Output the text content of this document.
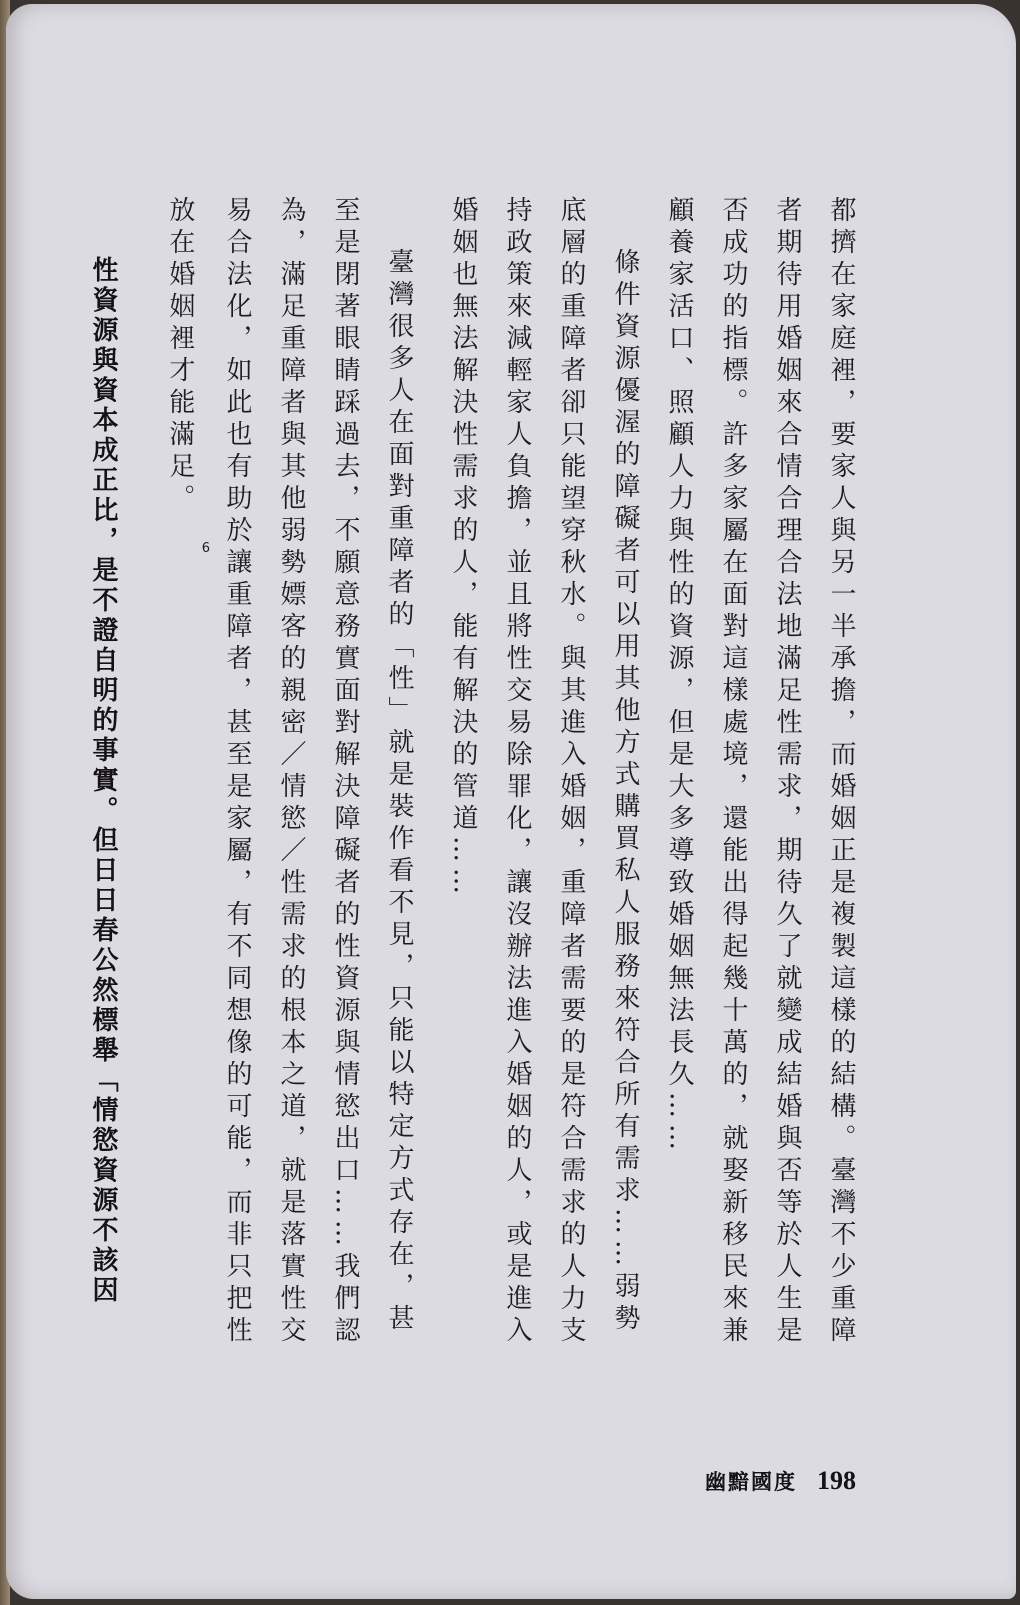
都擠在家庭裡，要家人與另一半承擔，而婚姻正是複製這樣的結構。臺灣不少重障者期待用婚姻來合情合理合法地滿足性需求，期待久了就變成結婚與否等於人生是否成功的指標。許多家屬在面對這樣處境，還能出得起幾十萬的，就娶新移民來兼顧養家活口、照顧人力與性的資源，但是大多導致婚姻無法長久……

條件資源優渥的障礙者可以用其他方式購買私人服務來符合所有需求……弱勢底層的重障者卻只能望穿秋水。與其進入婚姻，重障者需要的是符合需求的人力支持政策來減輕家人負擔，並且將性交易除罪化，讓沒辦法進入婚姻的人，或是進入婚姻也無法解決性需求的人，能有解決的管道……

臺灣很多人在面對重障者的「性」就是裝作看不見，只能以特定方式存在，甚至是閉著眼睛踩過去，不願意務實面對解決障礙者的性資源與情慾出口……我們認為，滿足重障者與其他弱勢嫖客的親密／情慾／性需求的根本之道，就是落實性交易合法化，如此也有助於讓重障者，甚至是家屬，有不同想像的可能，而非只把性放在婚姻裡才能滿足。6

性資源與資本成正比，是不證自明的事實。但日日春公然標舉「情慾資源不該因

幽黯國度 198
